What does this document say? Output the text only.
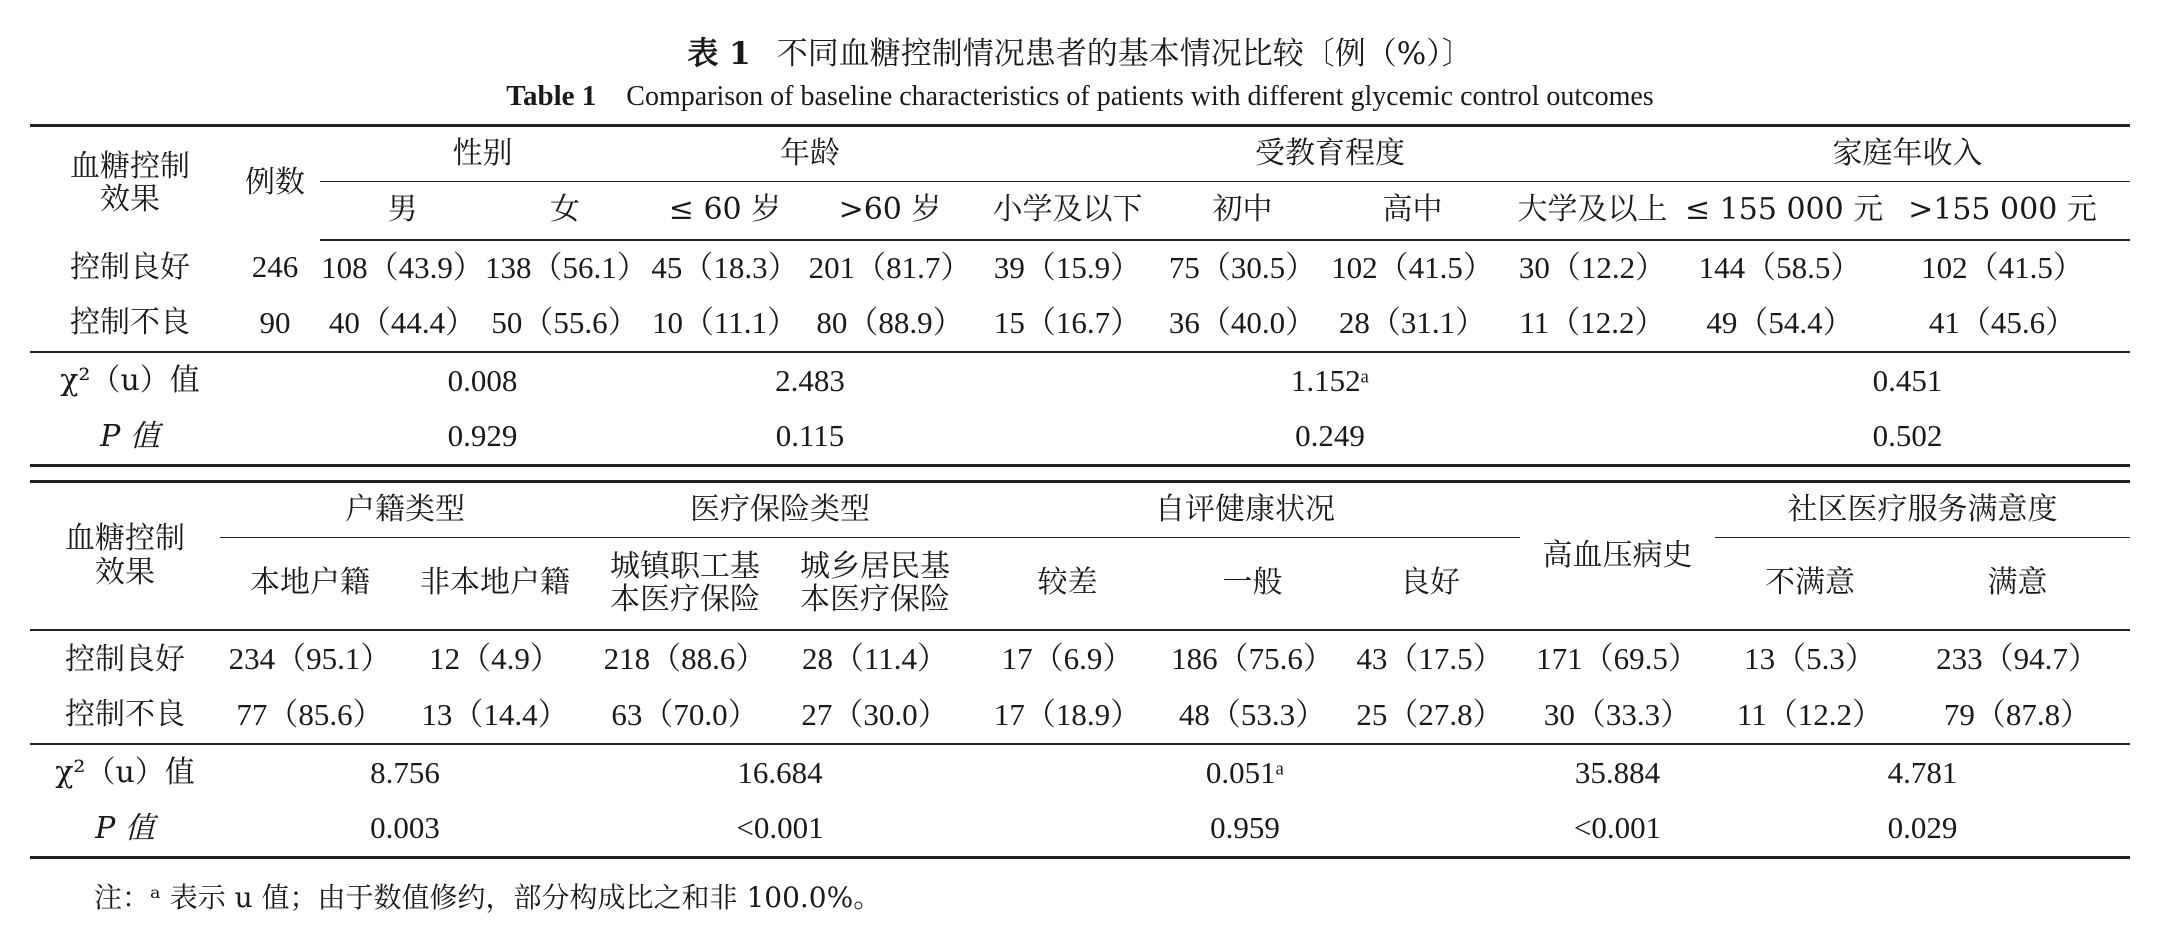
表 1 不同血糖控制情况患者的基本情况比较〔例（%）〕
Table 1 Comparison of baseline characteristics of patients with different glycemic control outcomes
血糖控制效果	例数	性别		年龄		受教育程度				家庭年收入	
		男	女	≤ 60 岁	>60 岁	小学及以下	初中	高中	大学及以上	≤ 155 000 元	>155 000 元
控制良好	246	108（43.9）	138（56.1）	45（18.3）	201（81.7）	39（15.9）	75（30.5）	102（41.5）	30（12.2）	144（58.5）	102（41.5）
控制不良	90	40（44.4）	50（55.6）	10（11.1）	80（88.9）	15（16.7）	36（40.0）	28（31.1）	11（12.2）	49（54.4）	41（45.6）
χ²（u）值		0.008		2.483		1.152ᵃ				0.451	
P 值		0.929		0.115		0.249				0.502	
血糖控制效果	户籍类型		医疗保险类型		自评健康状况			高血压病史	社区医疗服务满意度	
	本地户籍	非本地户籍	城镇职工基本医疗保险	城乡居民基本医疗保险	较差	一般	良好		不满意	满意

控制良好	234（95.1）	12（4.9）	218（88.6）	28（11.4）	17（6.9）	186（75.6）	43（17.5）	171（69.5）	13（5.3）	233（94.7）
控制不良	77（85.6）	13（14.4）	63（70.0）	27（30.0）	17（18.9）	48（53.3）	25（27.8）	30（33.3）	11（12.2）	79（87.8）
χ²（u）值	8.756		16.684		0.051ᵃ			35.884	4.781	
P 值	0.003		<0.001		0.959			<0.001	0.029	
注：ᵃ 表示 u 值；由于数值修约，部分构成比之和非 100.0%。
